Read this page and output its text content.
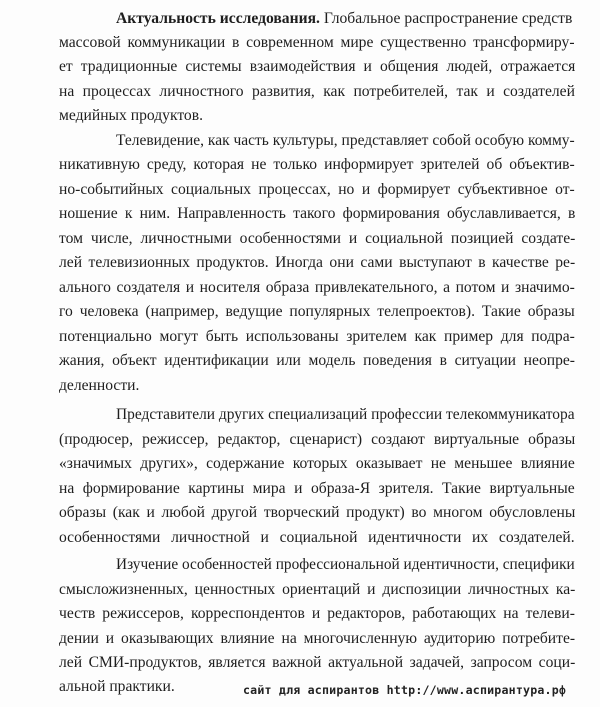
Актуальность исследования. Глобальное распространение средств
массовой коммуникации в современном мире существенно трансформиру-
ет традиционные системы взаимодействия и общения людей, отражается
на процессах личностного развития, как потребителей, так и создателей
медийных продуктов.
Телевидение, как часть культуры, представляет собой особую комму-
никативную среду, которая не только информирует зрителей об объектив-
но-событийных социальных процессах, но и формирует субъективное от-
ношение к ним. Направленность такого формирования обуславливается, в
том числе, личностными особенностями и социальной позицией создате-
лей телевизионных продуктов. Иногда они сами выступают в качестве ре-
ального создателя и носителя образа привлекательного, а потом и значимо-
го человека (например, ведущие популярных телепроектов). Такие образы
потенциально могут быть использованы зрителем как пример для подра-
жания, объект идентификации или модель поведения в ситуации неопре-
деленности.
Представители других специализаций профессии телекоммуникатора
(продюсер, режиссер, редактор, сценарист) создают виртуальные образы
«значимых других», содержание которых оказывает не меньшее влияние
на формирование картины мира и образа-Я зрителя. Такие виртуальные
образы (как и любой другой творческий продукт) во многом обусловлены
особенностями личностной и социальной идентичности их создателей.
Изучение особенностей профессиональной идентичности, специфики
смысложизненных, ценностных ориентаций и диспозиции личностных ка-
честв режиссеров, корреспондентов и редакторов, работающих на телеви-
дении и оказывающих влияние на многочисленную аудиторию потребите-
лей СМИ-продуктов, является важной актуальной задачей, запросом соци-
альной практики.	сайт для аспирантов http://www.аспирантура.рф
